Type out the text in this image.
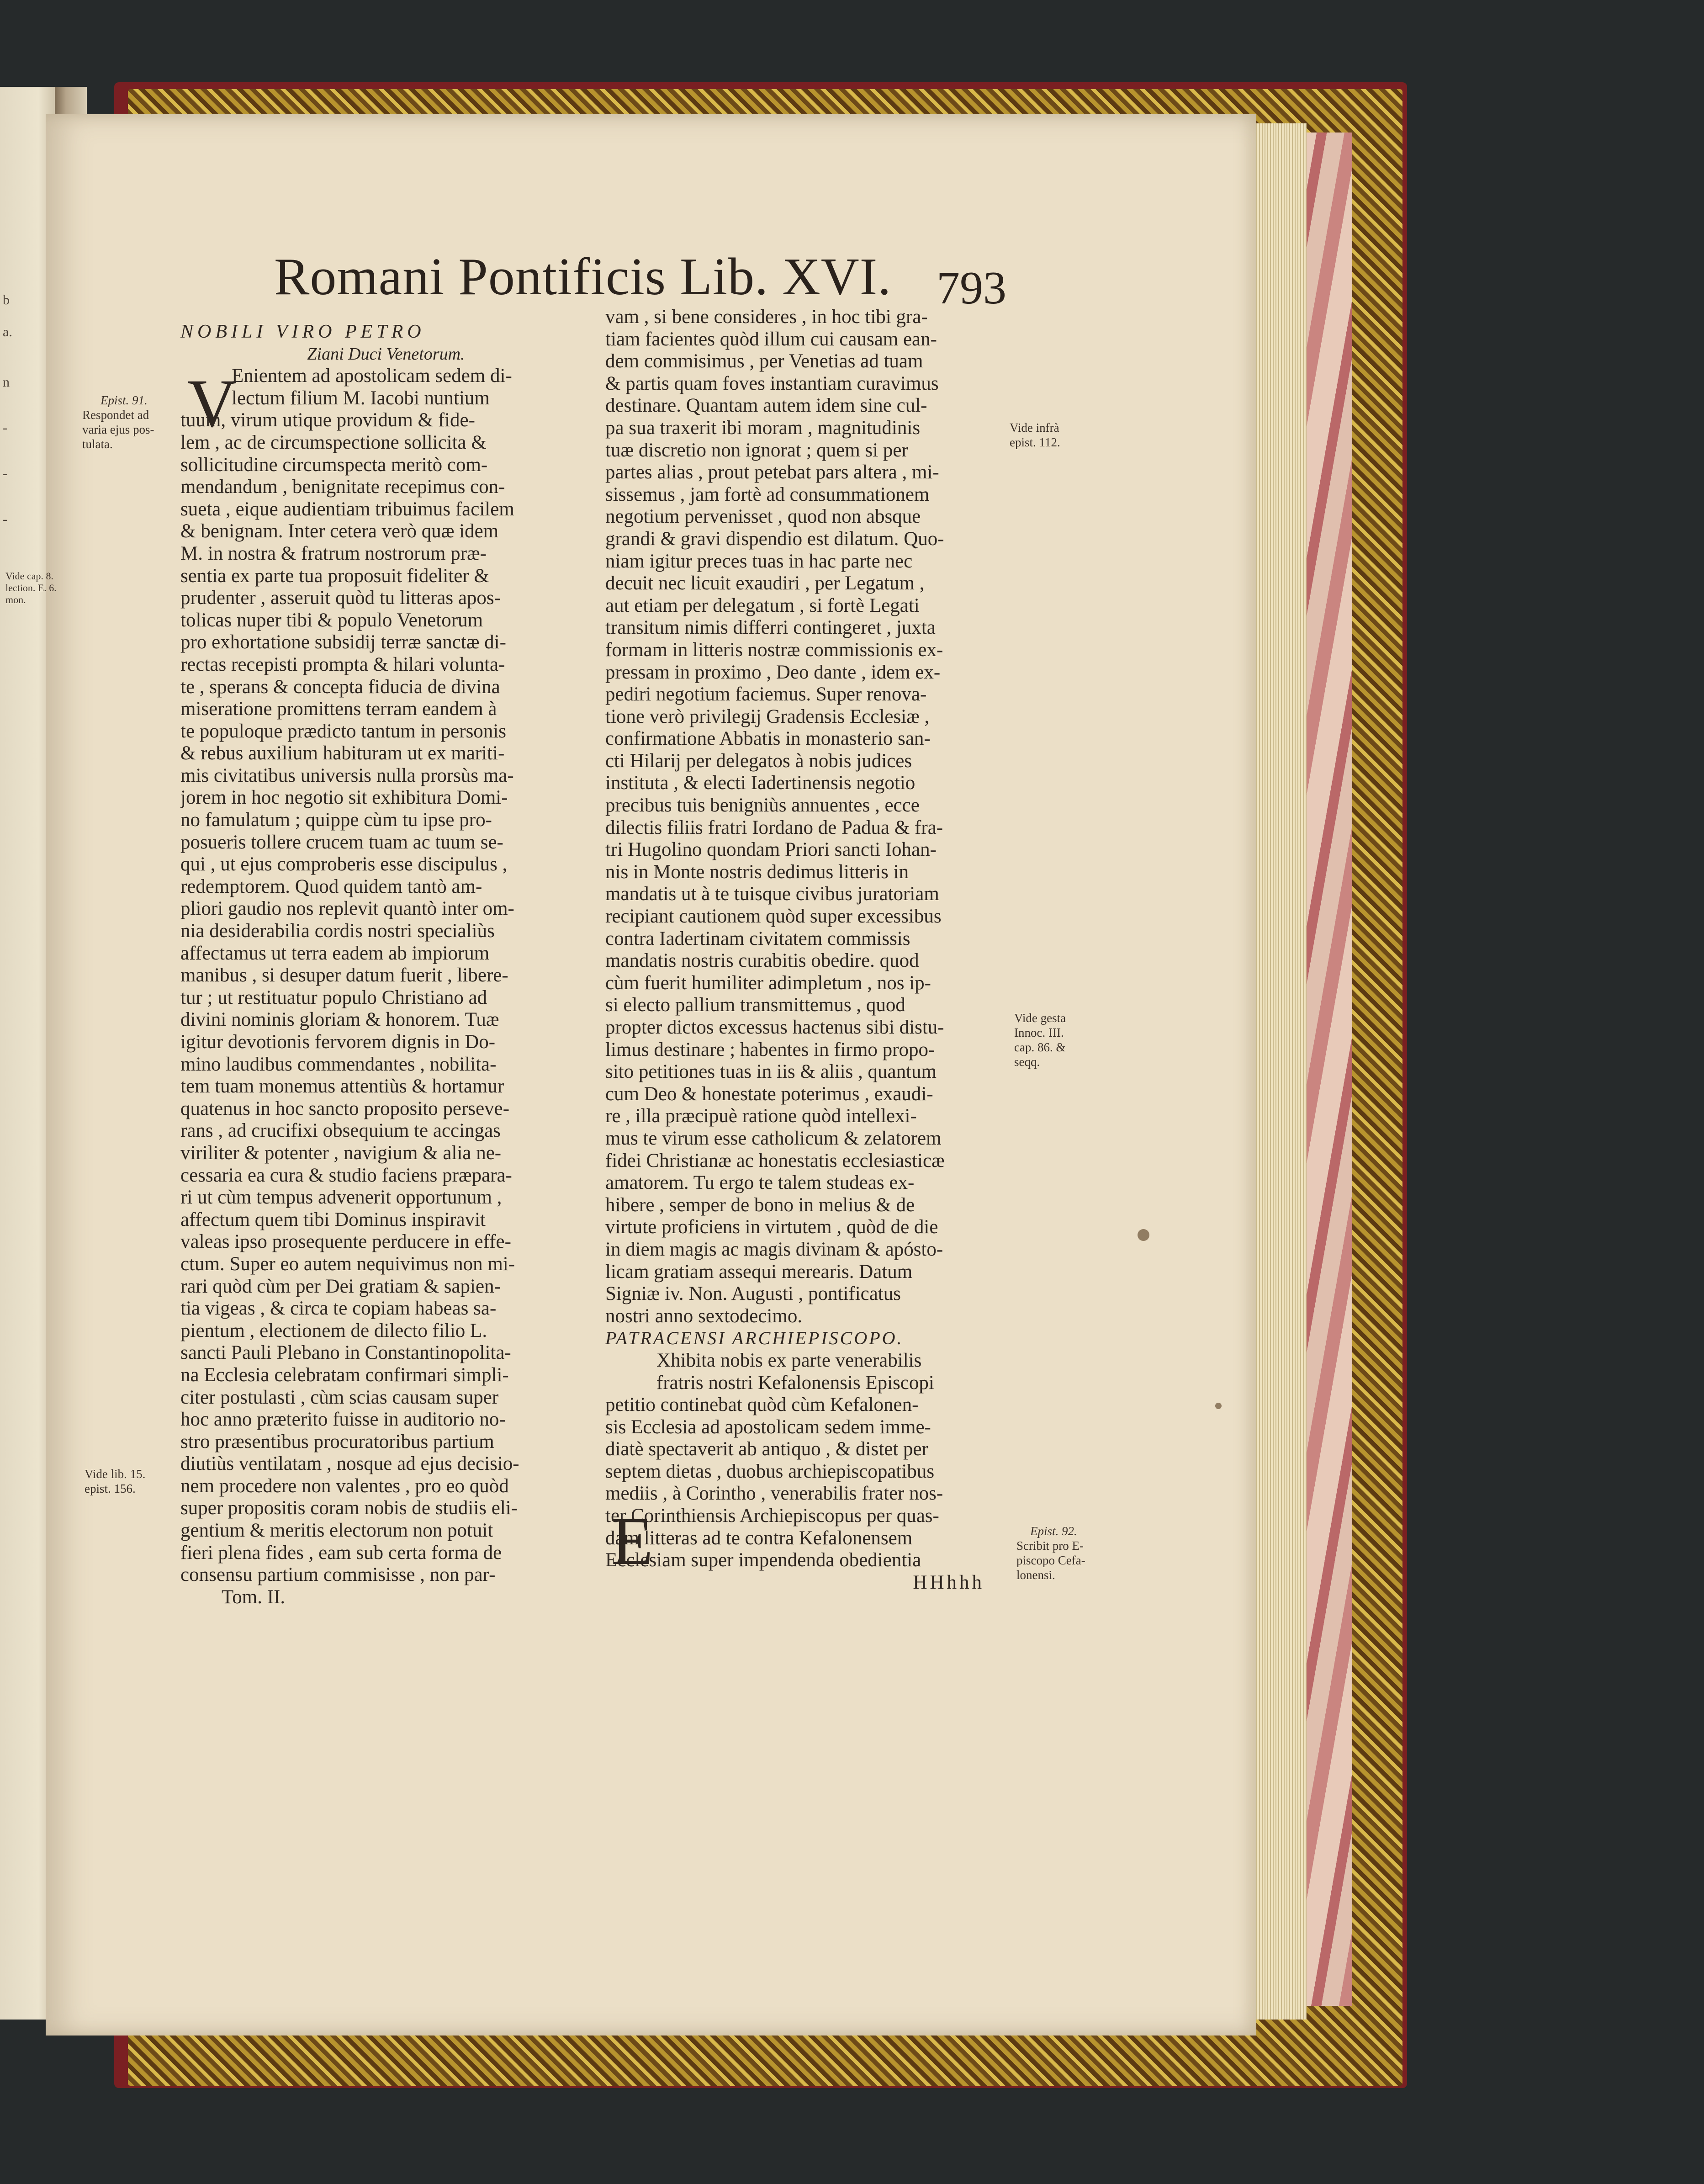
b
a.
n
-
-
-
Romani Pontificis Lib. XVI. 793
NOBILI VIRO PETRO
Ziani Duci Venetorum.
Enientem ad apostolicam sedem di-
lectum filium M. Iacobi nuntium
tuum, virum utique providum & fide-
lem , ac de circumspectione sollicita &
sollicitudine circumspecta meritò com-
mendandum , benignitate recepimus con-
sueta , eique audientiam tribuimus facilem
& benignam. Inter cetera verò quæ idem
M. in nostra & fratrum nostrorum præ-
sentia ex parte tua proposuit fideliter &
prudenter , asseruit quòd tu litteras apos-
tolicas nuper tibi & populo Venetorum
pro exhortatione subsidij terræ sanctæ di-
rectas recepisti prompta & hilari volunta-
te , sperans & concepta fiducia de divina
miseratione promittens terram eandem à
te populoque prædicto tantum in personis
& rebus auxilium habituram ut ex mariti-
mis civitatibus universis nulla prorsùs ma-
jorem in hoc negotio sit exhibitura Domi-
no famulatum ; quippe cùm tu ipse pro-
posueris tollere crucem tuam ac tuum se-
qui , ut ejus comproberis esse discipulus ,
redemptorem. Quod quidem tantò am-
pliori gaudio nos replevit quantò inter om-
nia desiderabilia cordis nostri specialiùs
affectamus ut terra eadem ab impiorum
manibus , si desuper datum fuerit , libere-
tur ; ut restituatur populo Christiano ad
divini nominis gloriam & honorem. Tuæ
igitur devotionis fervorem dignis in Do-
mino laudibus commendantes , nobilita-
tem tuam monemus attentiùs & hortamur
quatenus in hoc sancto proposito perseve-
rans , ad crucifixi obsequium te accingas
viriliter & potenter , navigium & alia ne-
cessaria ea cura & studio faciens præpara-
ri ut cùm tempus advenerit opportunum ,
affectum quem tibi Dominus inspiravit
valeas ipso prosequente perducere in effe-
ctum. Super eo autem nequivimus non mi-
rari quòd cùm per Dei gratiam & sapien-
tia vigeas , & circa te copiam habeas sa-
pientum , electionem de dilecto filio L.
sancti Pauli Plebano in Constantinopolita-
na Ecclesia celebratam confirmari simpli-
citer postulasti , cùm scias causam super
hoc anno præterito fuisse in auditorio no-
stro præsentibus procuratoribus partium
diutiùs ventilatam , nosque ad ejus decisio-
nem procedere non valentes , pro eo quòd
super propositis coram nobis de studiis eli-
gentium & meritis electorum non potuit
fieri plena fides , eam sub certa forma de
consensu partium commisisse , non par-
Tom. II.
V
vam , si bene consideres , in hoc tibi gra-
tiam facientes quòd illum cui causam ean-
dem commisimus , per Venetias ad tuam
& partis quam foves instantiam curavimus
destinare. Quantam autem idem sine cul-
pa sua traxerit ibi moram , magnitudinis
tuæ discretio non ignorat ; quem si per
partes alias , prout petebat pars altera , mi-
sissemus , jam fortè ad consummationem
negotium pervenisset , quod non absque
grandi & gravi dispendio est dilatum. Quo-
niam igitur preces tuas in hac parte nec
decuit nec licuit exaudiri , per Legatum ,
aut etiam per delegatum , si fortè Legati
transitum nimis differri contingeret , juxta
formam in litteris nostræ commissionis ex-
pressam in proximo , Deo dante , idem ex-
pediri negotium faciemus. Super renova-
tione verò privilegij Gradensis Ecclesiæ ,
confirmatione Abbatis in monasterio san-
cti Hilarij per delegatos à nobis judices
instituta , & electi Iadertinensis negotio
precibus tuis benigniùs annuentes , ecce
dilectis filiis fratri Iordano de Padua & fra-
tri Hugolino quondam Priori sancti Iohan-
nis in Monte nostris dedimus litteris in
mandatis ut à te tuisque civibus juratoriam
recipiant cautionem quòd super excessibus
contra Iadertinam civitatem commissis
mandatis nostris curabitis obedire. quod
cùm fuerit humiliter adimpletum , nos ip-
si electo pallium transmittemus , quod
propter dictos excessus hactenus sibi distu-
limus destinare ; habentes in firmo propo-
sito petitiones tuas in iis & aliis , quantum
cum Deo & honestate poterimus , exaudi-
re , illa præcipuè ratione quòd intellexi-
mus te virum esse catholicum & zelatorem
fidei Christianæ ac honestatis ecclesiasticæ
amatorem. Tu ergo te talem studeas ex-
hibere , semper de bono in melius & de
virtute proficiens in virtutem , quòd de die
in diem magis ac magis divinam & apósto-
licam gratiam assequi merearis. Datum
Signiæ iv. Non. Augusti , pontificatus
nostri anno sextodecimo.
PATRACENSI ARCHIEPISCOPO.
Xhibita nobis ex parte venerabilis
fratris nostri Kefalonensis Episcopi
petitio continebat quòd cùm Kefalonen-
sis Ecclesia ad apostolicam sedem imme-
diatè spectaverit ab antiquo , & distet per
septem dietas , duobus archiepiscopatibus
mediis , à Corintho , venerabilis frater nos-
ter Corinthiensis Archiepiscopus per quas-
dam litteras ad te contra Kefalonensem
Ecclesiam super impendenda obedientia
HHhhh
E
Epist. 91.
Respondet ad
varia ejus pos-
tulata.
Vide lib. 15.
epist. 156.
Vide cap. 8.
lection. E. 6.
mon.
Vide infrà
epist. 112.
Vide gesta
Innoc. III.
cap. 86. &
seqq.
Epist. 92.
Scribit pro E-
piscopo Cefa-
lonensi.
